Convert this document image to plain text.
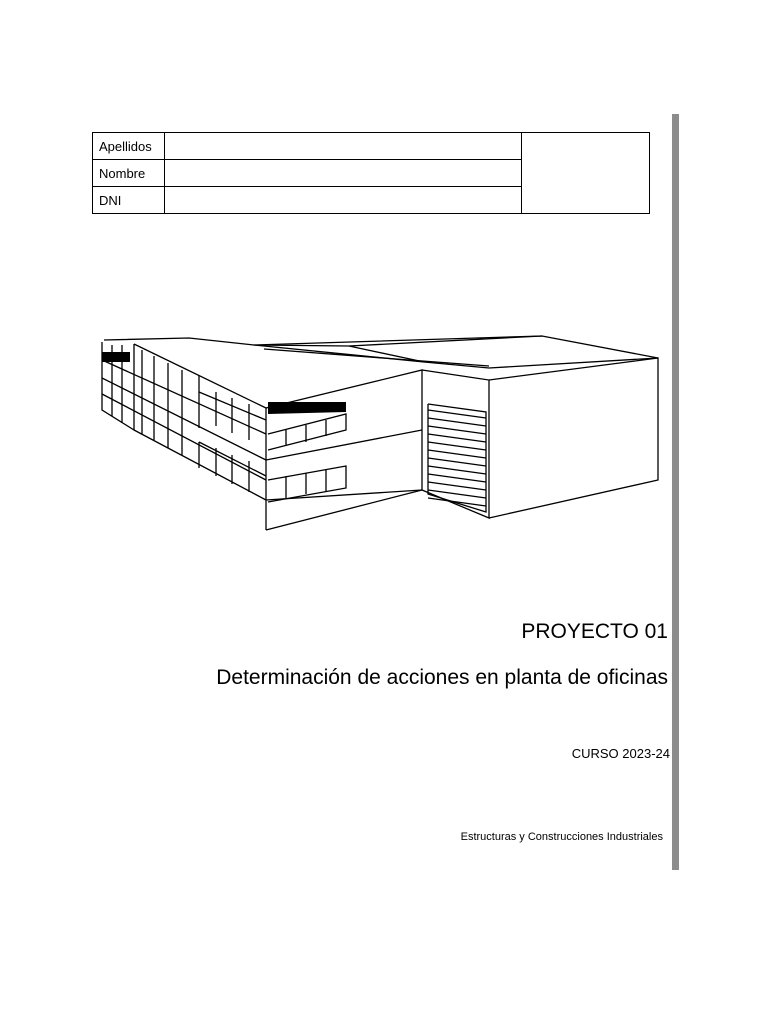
Apellidos		
Nombre		
DNI		
PROYECTO 01
Determinación de acciones en planta de oficinas
CURSO 2023-24
Estructuras y Construcciones Industriales
